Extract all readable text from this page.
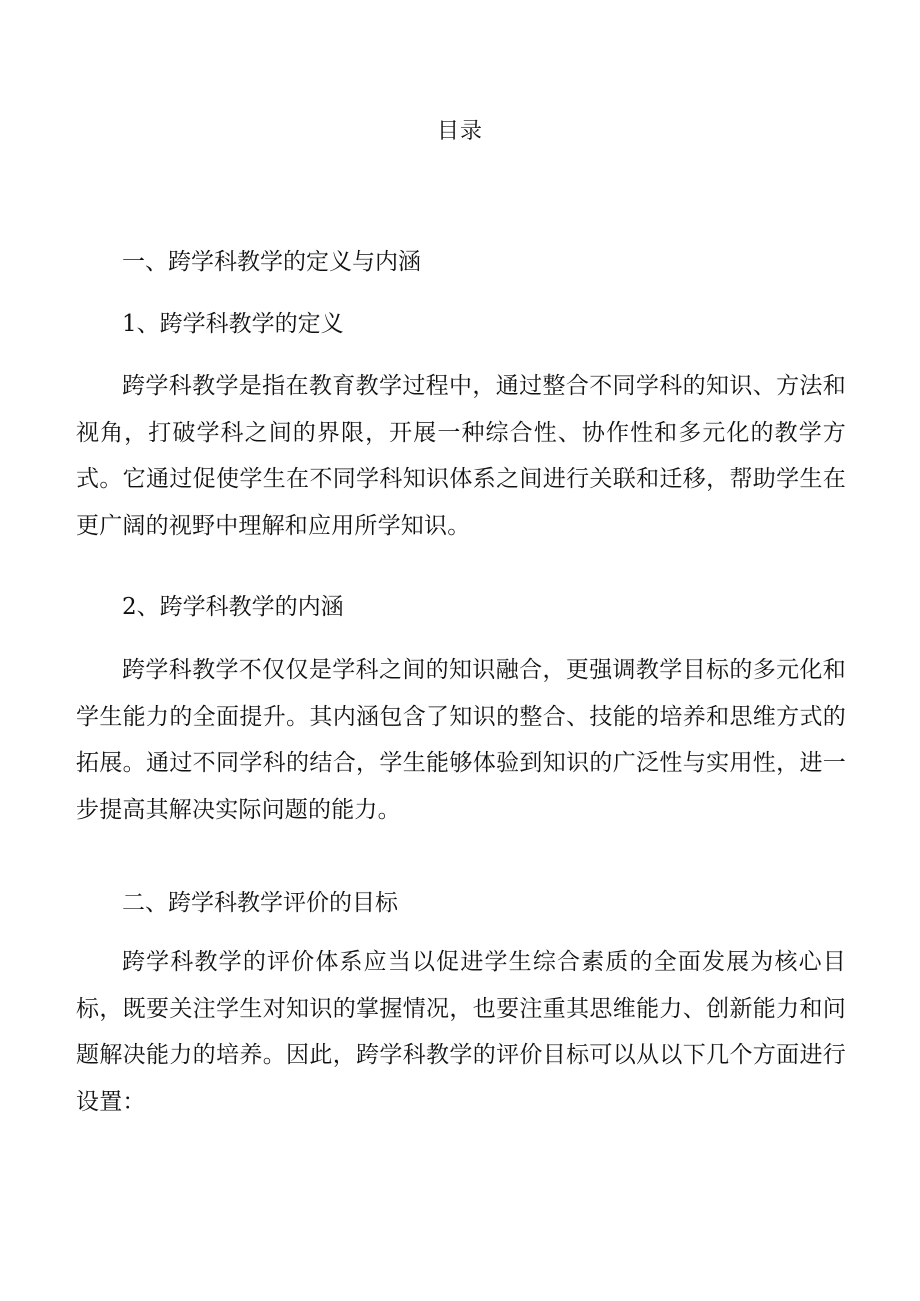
目录
一、跨学科教学的定义与内涵
1、跨学科教学的定义
跨学科教学是指在教育教学过程中，通过整合不同学科的知识、方法和视角，打破学科之间的界限，开展一种综合性、协作性和多元化的教学方式。它通过促使学生在不同学科知识体系之间进行关联和迁移，帮助学生在更广阔的视野中理解和应用所学知识。
2、跨学科教学的内涵
跨学科教学不仅仅是学科之间的知识融合，更强调教学目标的多元化和学生能力的全面提升。其内涵包含了知识的整合、技能的培养和思维方式的拓展。通过不同学科的结合，学生能够体验到知识的广泛性与实用性，进一步提高其解决实际问题的能力。
二、跨学科教学评价的目标
跨学科教学的评价体系应当以促进学生综合素质的全面发展为核心目标，既要关注学生对知识的掌握情况，也要注重其思维能力、创新能力和问题解决能力的培养。因此，跨学科教学的评价目标可以从以下几个方面进行设置：
